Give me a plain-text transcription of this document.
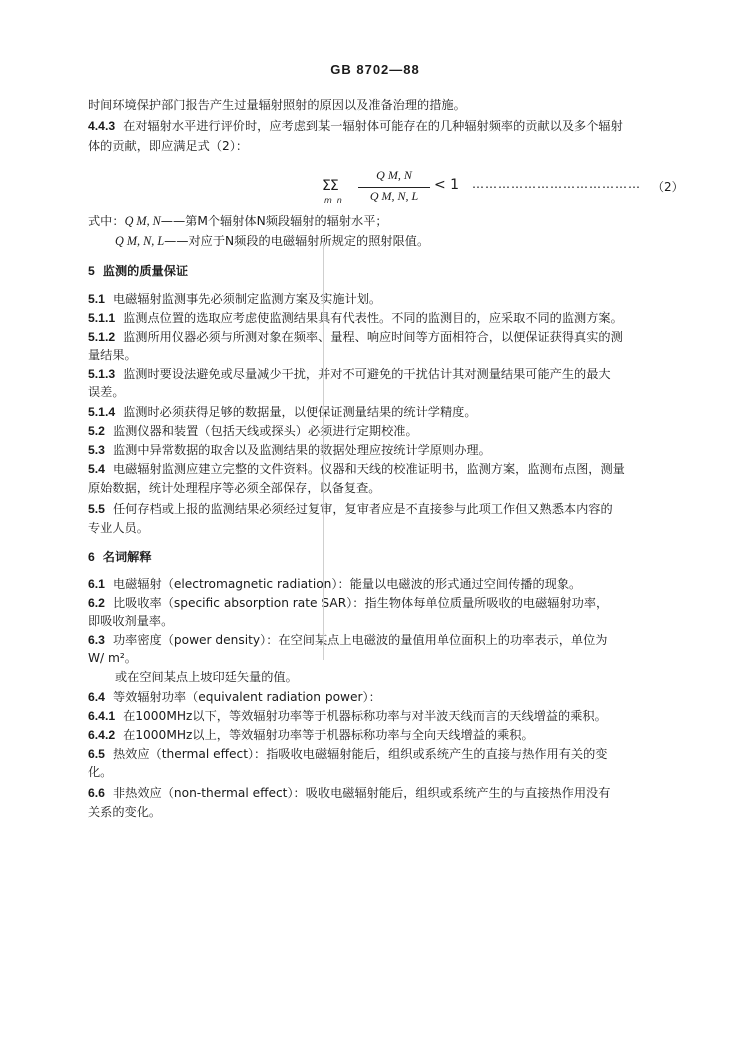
GB 8702—88
时间环境保护部门报告产生过量辐射照射的原因以及准备治理的措施。
4.4.3 在对辐射水平进行评价时，应考虑到某一辐射体可能存在的几种辐射频率的贡献以及多个辐射
体的贡献，即应满足式（2）：
ΣΣ
mn
Q M, N
Q M, N, L
< 1 ………………………………… （2）
式中：Q M, N——第M个辐射体N频段辐射的辐射水平；
Q M, N, L——对应于N频段的电磁辐射所规定的照射限值。
5 监测的质量保证
5.1 电磁辐射监测事先必须制定监测方案及实施计划。
5.1.1 监测点位置的选取应考虑使监测结果具有代表性。不同的监测目的，应采取不同的监测方案。
5.1.2 监测所用仪器必须与所测对象在频率、量程、响应时间等方面相符合，以便保证获得真实的测
量结果。
5.1.3 监测时要设法避免或尽量减少干扰，并对不可避免的干扰估计其对测量结果可能产生的最大
误差。
5.1.4 监测时必须获得足够的数据量，以便保证测量结果的统计学精度。
5.2 监测仪器和装置（包括天线或探头）必须进行定期校准。
5.3 监测中异常数据的取舍以及监测结果的数据处理应按统计学原则办理。
5.4 电磁辐射监测应建立完整的文件资料。仪器和天线的校准证明书，监测方案，监测布点图，测量
原始数据，统计处理程序等必须全部保存，以备复查。
5.5 任何存档或上报的监测结果必须经过复审，复审者应是不直接参与此项工作但又熟悉本内容的
专业人员。
6 名词解释
6.1 电磁辐射（electromagnetic radiation）：能量以电磁波的形式通过空间传播的现象。
6.2 比吸收率（specific absorption rate SAR）：指生物体每单位质量所吸收的电磁辐射功率，
即吸收剂量率。
6.3 功率密度（power density）：在空间某点上电磁波的量值用单位面积上的功率表示，单位为
W/ m²。
或在空间某点上坡印廷矢量的值。
6.4 等效辐射功率（equivalent radiation power）：
6.4.1 在1000MHz以下，等效辐射功率等于机器标称功率与对半波天线而言的天线增益的乘积。
6.4.2 在1000MHz以上，等效辐射功率等于机器标称功率与全向天线增益的乘积。
6.5 热效应（thermal effect）：指吸收电磁辐射能后，组织或系统产生的直接与热作用有关的变
化。
6.6 非热效应（non-thermal effect）：吸收电磁辐射能后，组织或系统产生的与直接热作用没有
关系的变化。
